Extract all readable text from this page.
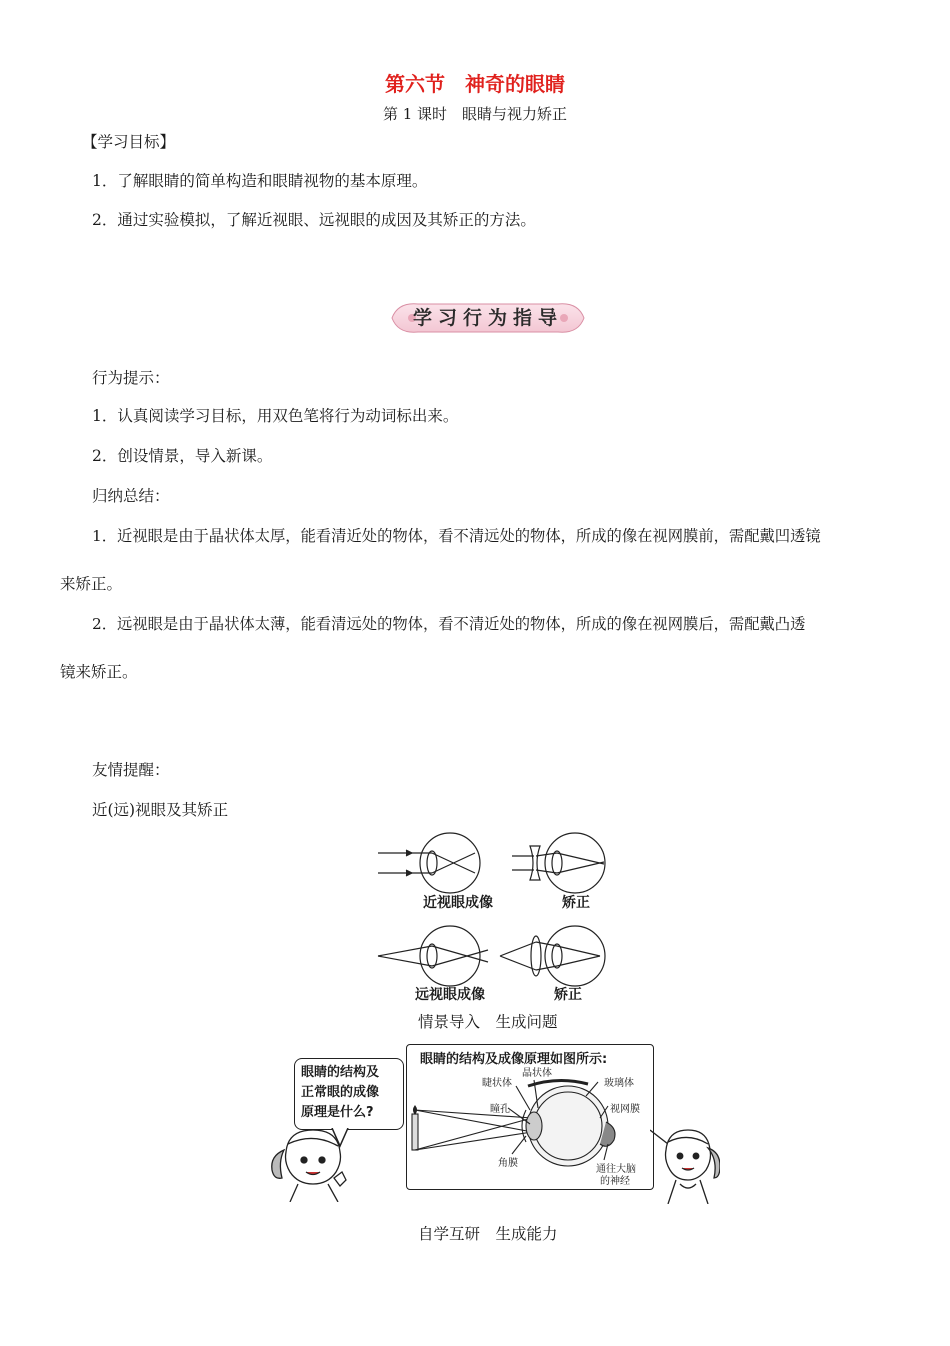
第六节　神奇的眼睛
第 1 课时　眼睛与视力矫正
【学习目标】
1．了解眼睛的简单构造和眼睛视物的基本原理。
2．通过实验模拟，了解近视眼、远视眼的成因及其矫正的方法。
学习行为指导
行为提示：
1．认真阅读学习目标，用双色笔将行为动词标出来。
2．创设情景，导入新课。
归纳总结：
1．近视眼是由于晶状体太厚，能看清近处的物体，看不清远处的物体，所成的像在视网膜前，需配戴凹透镜
来矫正。
2．远视眼是由于晶状体太薄，能看清远处的物体，看不清近处的物体，所成的像在视网膜后，需配戴凸透
镜来矫正。
友情提醒：
近(远)视眼及其矫正
近视眼成像	矫正
远视眼成像	矫正
情景导入　生成问题
眼睛的结构及
正常眼的成像
原理是什么?
眼睛的结构及成像原理如图所示:
睫状体
晶状体
玻璃体
瞳孔	视网膜
角膜
通往大脑
的神经
自学互研　生成能力
